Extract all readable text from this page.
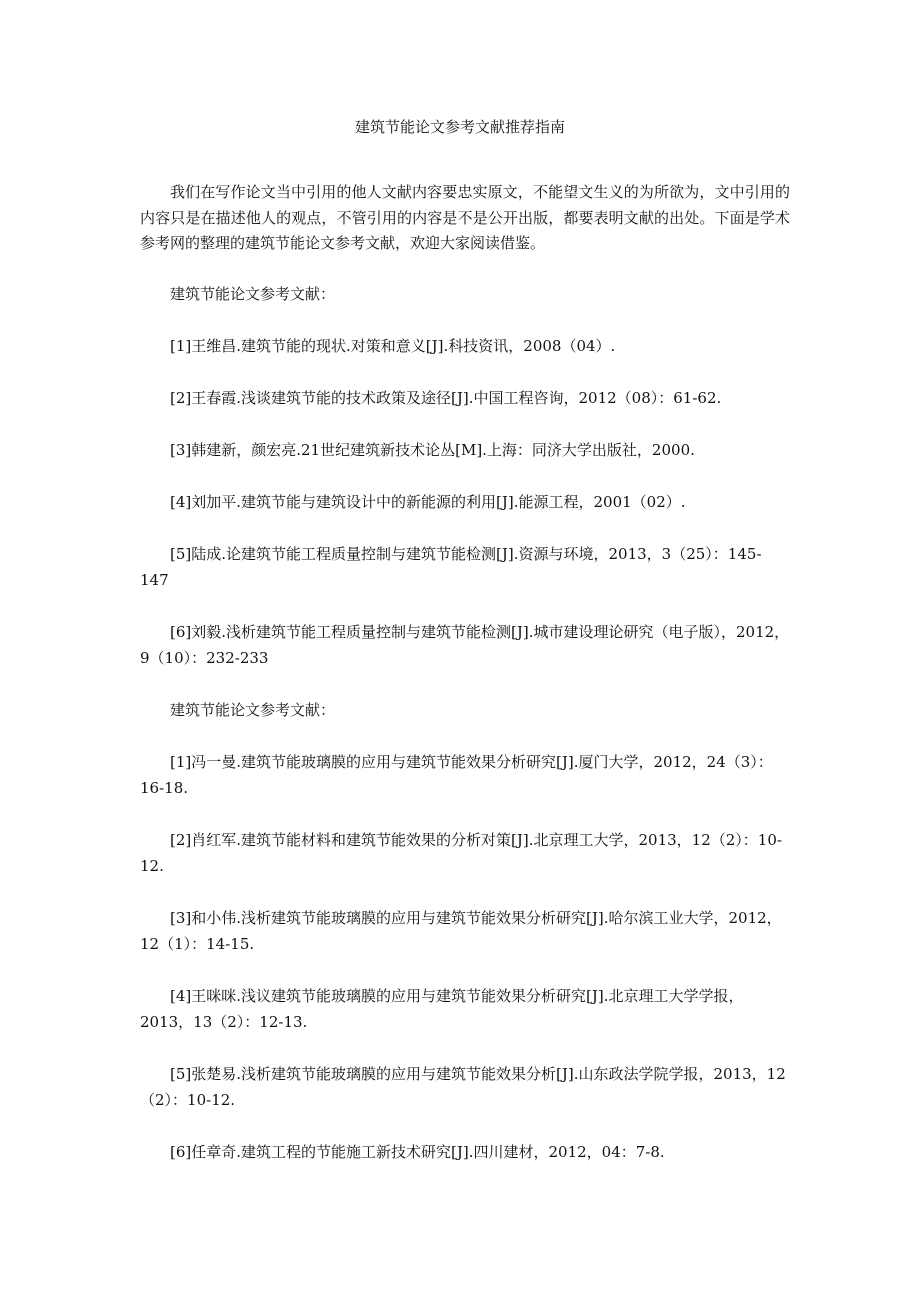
建筑节能论文参考文献推荐指南

我们在写作论文当中引用的他人文献内容要忠实原文，不能望文生义的为所欲为，文中引用的内容只是在描述他人的观点，不管引用的内容是不是公开出版，都要表明文献的出处。下面是学术参考网的整理的建筑节能论文参考文献，欢迎大家阅读借鉴。

建筑节能论文参考文献：

[1]王维昌.建筑节能的现状.对策和意义[J].科技资讯，2008（04）.

[2]王春霞.浅谈建筑节能的技术政策及途径[J].中国工程咨询，2012（08）：61-62.

[3]韩建新，颜宏亮.21世纪建筑新技术论丛[M].上海：同济大学出版社，2000.

[4]刘加平.建筑节能与建筑设计中的新能源的利用[J].能源工程，2001（02）.

[5]陆成.论建筑节能工程质量控制与建筑节能检测[J].资源与环境，2013，3（25）：145-147

[6]刘毅.浅析建筑节能工程质量控制与建筑节能检测[J].城市建设理论研究（电子版），2012，9（10）：232-233

建筑节能论文参考文献：

[1]冯一曼.建筑节能玻璃膜的应用与建筑节能效果分析研究[J].厦门大学，2012，24（3）：16-18.

[2]肖红军.建筑节能材料和建筑节能效果的分析对策[J].北京理工大学，2013，12（2）：10-12.

[3]和小伟.浅析建筑节能玻璃膜的应用与建筑节能效果分析研究[J].哈尔滨工业大学，2012，12（1）：14-15.

[4]王咪咪.浅议建筑节能玻璃膜的应用与建筑节能效果分析研究[J].北京理工大学学报，2013，13（2）：12-13.

[5]张楚易.浅析建筑节能玻璃膜的应用与建筑节能效果分析[J].山东政法学院学报，2013，12（2）：10-12.

[6]任章奇.建筑工程的节能施工新技术研究[J].四川建材，2012，04：7-8.
